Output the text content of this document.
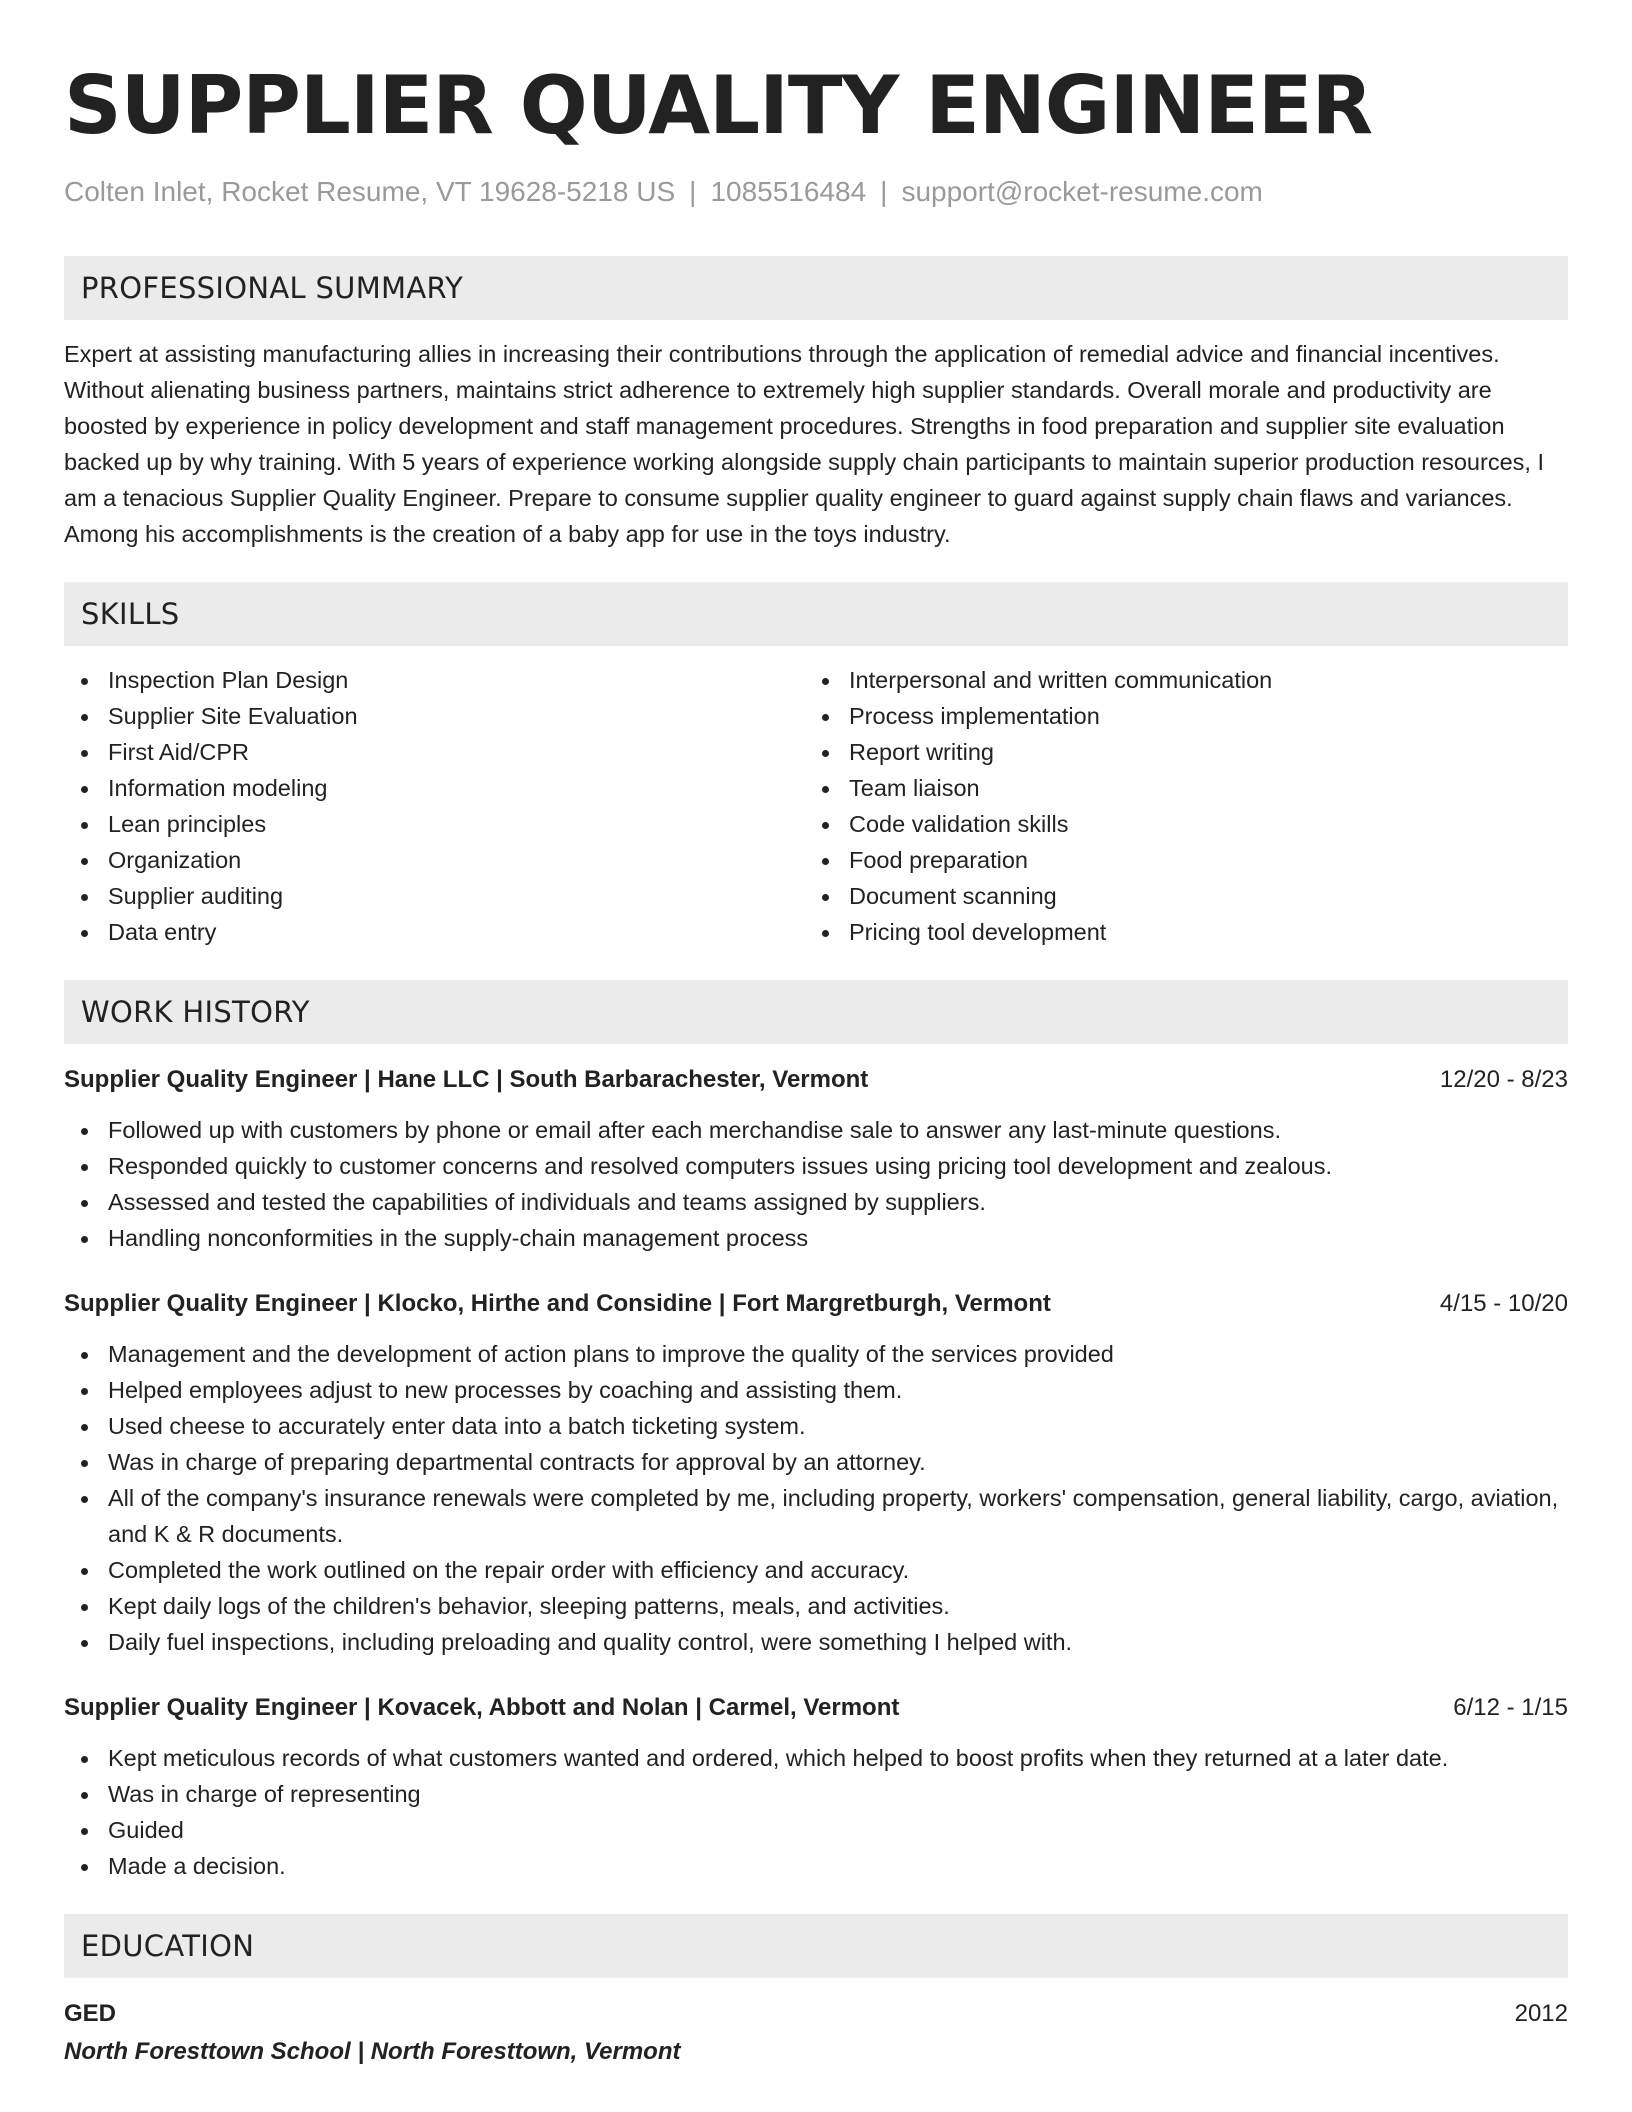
SUPPLIER QUALITY ENGINEER
Colten Inlet, Rocket Resume, VT 19628-5218 US | 1085516484 | support@rocket-resume.com
PROFESSIONAL SUMMARY

Expert at assisting manufacturing allies in increasing their contributions through the application of remedial advice and financial incentives. Without alienating business partners, maintains strict adherence to extremely high supplier standards. Overall morale and productivity are boosted by experience in policy development and staff management procedures. Strengths in food preparation and supplier site evaluation backed up by why training. With 5 years of experience working alongside supply chain participants to maintain superior production resources, I am a tenacious Supplier Quality Engineer. Prepare to consume supplier quality engineer to guard against supply chain flaws and variances. Among his accomplishments is the creation of a baby app for use in the toys industry.

SKILLS
Inspection Plan Design
Supplier Site Evaluation
First Aid/CPR
Information modeling
Lean principles
Organization
Supplier auditing
Data entry
Interpersonal and written communication
Process implementation
Report writing
Team liaison
Code validation skills
Food preparation
Document scanning
Pricing tool development
WORK HISTORY
Supplier Quality Engineer | Hane LLC | South Barbarachester, Vermont	12/20 - 8/23
Followed up with customers by phone or email after each merchandise sale to answer any last-minute questions.
Responded quickly to customer concerns and resolved computers issues using pricing tool development and zealous.
Assessed and tested the capabilities of individuals and teams assigned by suppliers.
Handling nonconformities in the supply-chain management process
Supplier Quality Engineer | Klocko, Hirthe and Considine | Fort Margretburgh, Vermont	4/15 - 10/20
Management and the development of action plans to improve the quality of the services provided
Helped employees adjust to new processes by coaching and assisting them.
Used cheese to accurately enter data into a batch ticketing system.
Was in charge of preparing departmental contracts for approval by an attorney.
All of the company's insurance renewals were completed by me, including property, workers' compensation, general liability, cargo, aviation, and K & R documents.
Completed the work outlined on the repair order with efficiency and accuracy.
Kept daily logs of the children's behavior, sleeping patterns, meals, and activities.
Daily fuel inspections, including preloading and quality control, were something I helped with.
Supplier Quality Engineer | Kovacek, Abbott and Nolan | Carmel, Vermont	6/12 - 1/15
Kept meticulous records of what customers wanted and ordered, which helped to boost profits when they returned at a later date.
Was in charge of representing
Guided
Made a decision.
EDUCATION
GED	2012
North Foresttown School | North Foresttown, Vermont
